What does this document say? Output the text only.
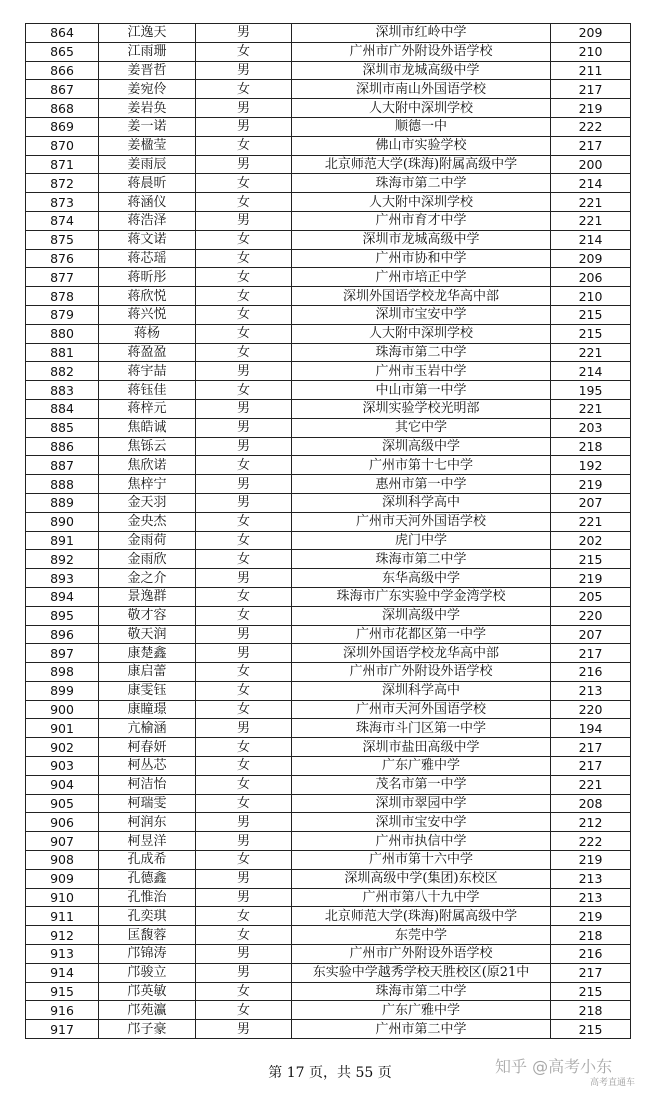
864	江逸天	男	深圳市红岭中学	209
865	江雨珊	女	广州市广外附设外语学校	210
866	姜晋哲	男	深圳市龙城高级中学	211
867	姜宛伶	女	深圳市南山外国语学校	217
868	姜岩奂	男	人大附中深圳学校	219
869	姜一诺	男	顺德一中	222
870	姜楹莹	女	佛山市实验学校	217
871	姜雨辰	男	北京师范大学(珠海)附属高级中学	200
872	蒋晨昕	女	珠海市第二中学	214
873	蒋涵仪	女	人大附中深圳学校	221
874	蒋浩泽	男	广州市育才中学	221
875	蒋文诺	女	深圳市龙城高级中学	214
876	蒋芯瑶	女	广州市协和中学	209
877	蒋昕彤	女	广州市培正中学	206
878	蒋欣悦	女	深圳外国语学校龙华高中部	210
879	蒋兴悦	女	深圳市宝安中学	215
880	蒋杨	女	人大附中深圳学校	215
881	蒋盈盈	女	珠海市第二中学	221
882	蒋宇喆	男	广州市玉岩中学	214
883	蒋钰佳	女	中山市第一中学	195
884	蒋梓元	男	深圳实验学校光明部	221
885	焦皓诚	男	其它中学	203
886	焦铄云	男	深圳高级中学	218
887	焦欣诺	女	广州市第十七中学	192
888	焦梓宁	男	惠州市第一中学	219
889	金天羽	男	深圳科学高中	207
890	金央杰	女	广州市天河外国语学校	221
891	金雨荷	女	虎门中学	202
892	金雨欣	女	珠海市第二中学	215
893	金之介	男	东华高级中学	219
894	景逸群	女	珠海市广东实验中学金湾学校	205
895	敬才容	女	深圳高级中学	220
896	敬天润	男	广州市花都区第一中学	207
897	康楚鑫	男	深圳外国语学校龙华高中部	217
898	康启蕾	女	广州市广外附设外语学校	216
899	康雯钰	女	深圳科学高中	213
900	康瞳璟	女	广州市天河外国语学校	220
901	亢榆涵	男	珠海市斗门区第一中学	194
902	柯春妍	女	深圳市盐田高级中学	217
903	柯丛芯	女	广东广雅中学	217
904	柯洁怡	女	茂名市第一中学	221
905	柯瑞雯	女	深圳市翠园中学	208
906	柯润东	男	深圳市宝安中学	212
907	柯昱洋	男	广州市执信中学	222
908	孔成希	女	广州市第十六中学	219
909	孔德鑫	男	深圳高级中学(集团)东校区	213
910	孔惟治	男	广州市第八十九中学	213
911	孔奕琪	女	北京师范大学(珠海)附属高级中学	219
912	匡馥蓉	女	东莞中学	218
913	邝锦涛	男	广州市广外附设外语学校	216
914	邝骏立	男	东实验中学越秀学校天胜校区(原21中	217
915	邝英敏	女	珠海市第二中学	215
916	邝苑瀛	女	广东广雅中学	218
917	邝子豪	男	广州市第二中学	215
第 17 页，共 55 页	知乎 @高考小东
高考直通车
